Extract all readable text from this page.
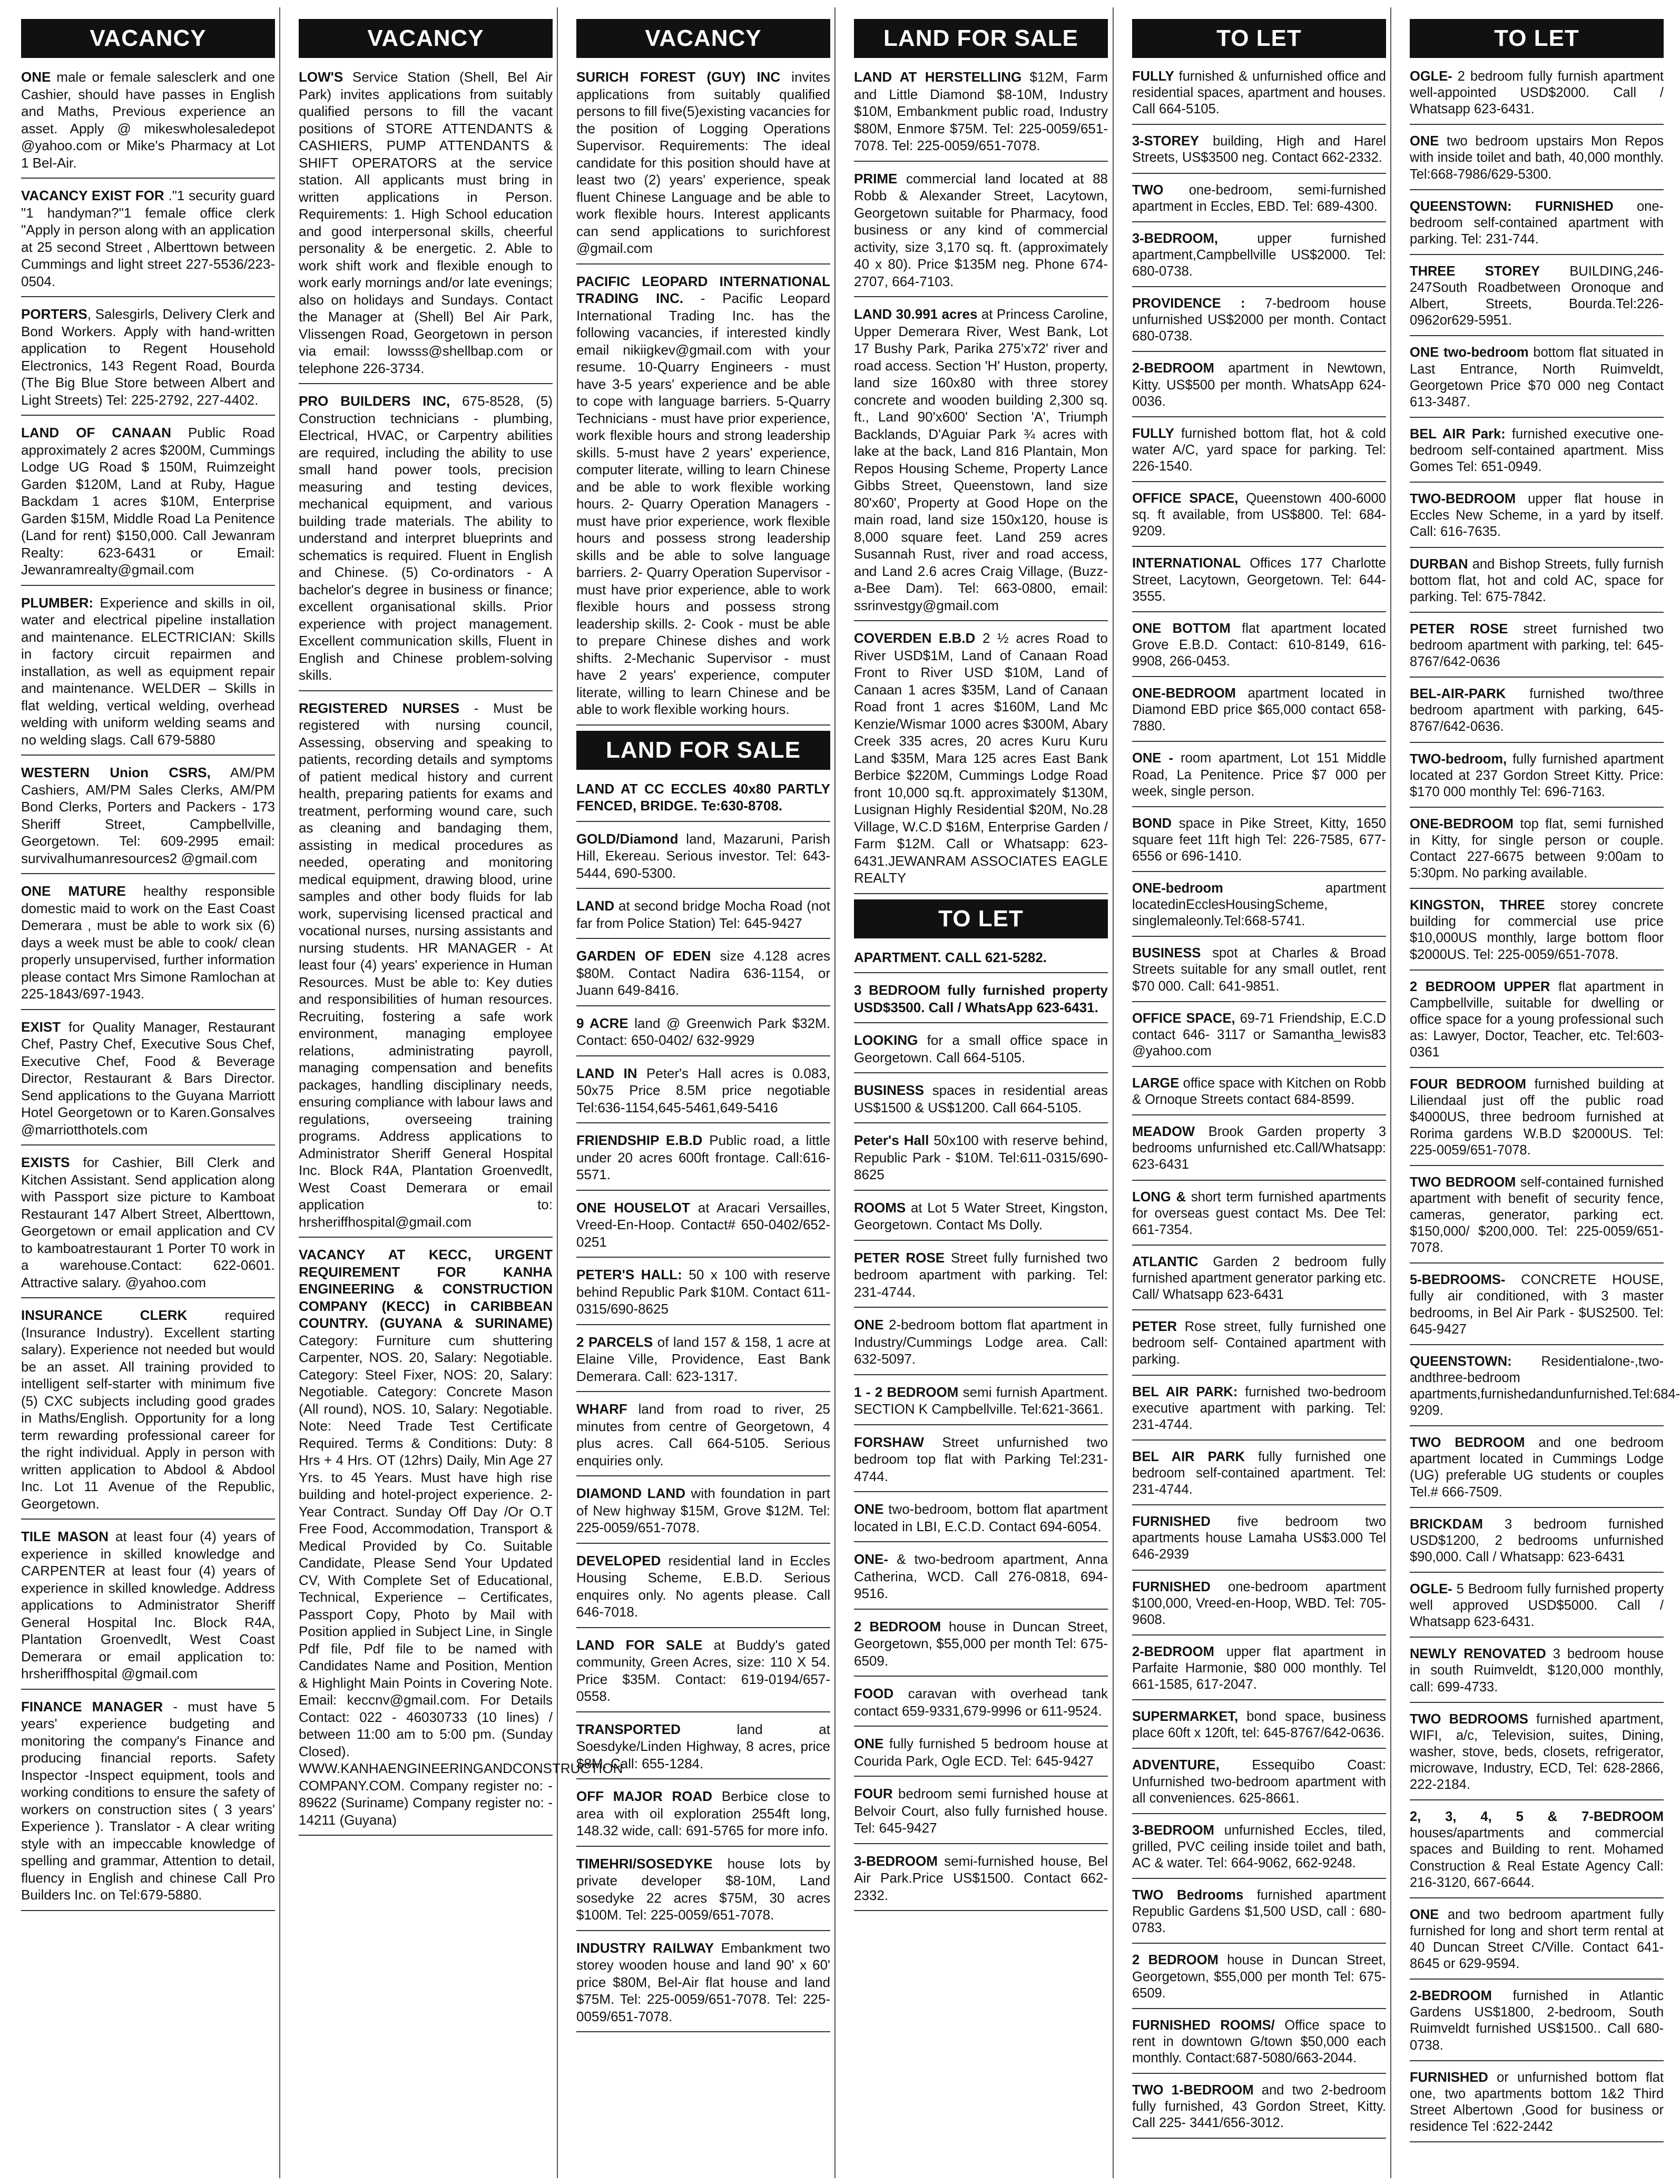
VACANCY

ONE male or female salesclerk and one Cashier, should have passes in English and Maths, Previous experience an asset. Apply @ mikeswholesaledepot @yahoo.com or Mike's Pharmacy at Lot 1 Bel-Air.

VACANCY EXIST FOR ."1 security guard "1 handyman?"1 female office clerk "Apply in person along with an application at 25 second Street , Alberttown between Cummings and light street 227-5536/223-0504.

PORTERS, Salesgirls, Delivery Clerk and Bond Workers. Apply with hand-written application to Regent Household Electronics, 143 Regent Road, Bourda (The Big Blue Store between Albert and Light Streets) Tel: 225-2792, 227-4402.

LAND OF CANAAN Public Road approximately 2 acres $200M, Cummings Lodge UG Road $ 150M, Ruimzeight Garden $120M, Land at Ruby, Hague Backdam 1 acres $10M, Enterprise Garden $15M, Middle Road La Penitence (Land for rent) $150,000. Call Jewanram Realty: 623-6431 or Email: Jewanramrealty@gmail.com

PLUMBER: Experience and skills in oil, water and electrical pipeline installation and maintenance. ELECTRICIAN: Skills in factory circuit repairmen and installation, as well as equipment repair and maintenance. WELDER – Skills in flat welding, vertical welding, overhead welding with uniform welding seams and no welding slags. Call 679-5880

WESTERN Union CSRS, AM/PM Cashiers, AM/PM Sales Clerks, AM/PM Bond Clerks, Porters and Packers - 173 Sheriff Street, Campbellville, Georgetown. Tel: 609-2995 email: survivalhumanresources2 @gmail.com

ONE MATURE healthy responsible domestic maid to work on the East Coast Demerara , must be able to work six (6) days a week must be able to cook/ clean properly unsupervised, further information please contact Mrs Simone Ramlochan at 225-1843/697-1943.

EXIST for Quality Manager, Restaurant Chef, Pastry Chef, Executive Sous Chef, Executive Chef, Food & Beverage Director, Restaurant & Bars Director. Send applications to the Guyana Marriott Hotel Georgetown or to Karen.Gonsalves @marriotthotels.com

EXISTS for Cashier, Bill Clerk and Kitchen Assistant. Send application along with Passport size picture to Kamboat Restaurant 147 Albert Street, Alberttown, Georgetown or email application and CV to kamboatrestaurant 1 Porter T0 work in a warehouse.Contact: 622-0601. Attractive salary. @yahoo.com

INSURANCE CLERK required (Insurance Industry). Excellent starting salary). Experience not needed but would be an asset. All training provided to intelligent self-starter with minimum five (5) CXC subjects including good grades in Maths/English. Opportunity for a long term rewarding professional career for the right individual. Apply in person with written application to Abdool & Abdool Inc. Lot 11 Avenue of the Republic, Georgetown.

TILE MASON at least four (4) years of experience in skilled knowledge and CARPENTER at least four (4) years of experience in skilled knowledge. Address applications to Administrator Sheriff General Hospital Inc. Block R4A, Plantation Groenvedlt, West Coast Demerara or email application to: hrsheriffhospital @gmail.com

FINANCE MANAGER - must have 5 years' experience budgeting and monitoring the company's Finance and producing financial reports. Safety Inspector -Inspect equipment, tools and working conditions to ensure the safety of workers on construction sites ( 3 years' Experience ). Translator - A clear writing style with an impeccable knowledge of spelling and grammar, Attention to detail, fluency in English and chinese Call Pro Builders Inc. on Tel:679-5880.

VACANCY

LOW'S Service Station (Shell, Bel Air Park) invites applications from suitably qualified persons to fill the vacant positions of STORE ATTENDANTS & CASHIERS, PUMP ATTENDANTS & SHIFT OPERATORS at the service station. All applicants must bring in written applications in Person. Requirements: 1. High School education and good interpersonal skills, cheerful personality & be energetic. 2. Able to work shift work and flexible enough to work early mornings and/or late evenings; also on holidays and Sundays. Contact the Manager at (Shell) Bel Air Park, Vlissengen Road, Georgetown in person via email: lowsss@shellbap.com or telephone 226-3734.

PRO BUILDERS INC, 675-8528, (5) Construction technicians - plumbing, Electrical, HVAC, or Carpentry abilities are required, including the ability to use small hand power tools, precision measuring and testing devices, mechanical equipment, and various building trade materials. The ability to understand and interpret blueprints and schematics is required. Fluent in English and Chinese. (5) Co-ordinators - A bachelor's degree in business or finance; excellent organisational skills. Prior experience with project management. Excellent communication skills, Fluent in English and Chinese problem-solving skills.

REGISTERED NURSES - Must be registered with nursing council, Assessing, observing and speaking to patients, recording details and symptoms of patient medical history and current health, preparing patients for exams and treatment, performing wound care, such as cleaning and bandaging them, assisting in medical procedures as needed, operating and monitoring medical equipment, drawing blood, urine samples and other body fluids for lab work, supervising licensed practical and vocational nurses, nursing assistants and nursing students. HR MANAGER - At least four (4) years' experience in Human Resources. Must be able to: Key duties and responsibilities of human resources. Recruiting, fostering a safe work environment, managing employee relations, administrating payroll, managing compensation and benefits packages, handling disciplinary needs, ensuring compliance with labour laws and regulations, overseeing training programs. Address applications to Administrator Sheriff General Hospital Inc. Block R4A, Plantation Groenvedlt, West Coast Demerara or email application to: hrsheriffhospital@gmail.com

VACANCY AT KECC, URGENT REQUIREMENT FOR KANHA ENGINEERING & CONSTRUCTION COMPANY (KECC) in CARIBBEAN COUNTRY. (GUYANA & SURINAME) Category: Furniture cum shuttering Carpenter, NOS. 20, Salary: Negotiable. Category: Steel Fixer, NOS: 20, Salary: Negotiable. Category: Concrete Mason (All round), NOS. 10, Salary: Negotiable. Note: Need Trade Test Certificate Required. Terms & Conditions: Duty: 8 Hrs + 4 Hrs. OT (12hrs) Daily, Min Age 27 Yrs. to 45 Years. Must have high rise building and hotel-project experience. 2-Year Contract. Sunday Off Day /Or O.T Free Food, Accommodation, Transport & Medical Provided by Co. Suitable Candidate, Please Send Your Updated CV, With Complete Set of Educational, Technical, Experience – Certificates, Passport Copy, Photo by Mail with Position applied in Subject Line, in Single Pdf file, Pdf file to be named with Candidates Name and Position, Mention & Highlight Main Points in Covering Note. Email: keccnv@gmail.com. For Details Contact: 022 - 46030733 (10 lines) / between 11:00 am to 5:00 pm. (Sunday Closed). WWW.KANHAENGINEERINGANDCONSTRUCTION COMPANY.COM. Company register no: - 89622 (Suriname) Company register no: - 14211 (Guyana)

VACANCY

SURICH FOREST (GUY) INC invites applications from suitably qualified persons to fill five(5)existing vacancies for the position of Logging Operations Supervisor. Requirements: The ideal candidate for this position should have at least two (2) years' experience, speak fluent Chinese Language and be able to work flexible hours. Interest applicants can send applications to surichforest @gmail.com

PACIFIC LEOPARD INTERNATIONAL TRADING INC. - Pacific Leopard International Trading Inc. has the following vacancies, if interested kindly email nikiigkev@gmail.com with your resume. 10-Quarry Engineers - must have 3-5 years' experience and be able to cope with language barriers. 5-Quarry Technicians - must have prior experience, work flexible hours and strong leadership skills. 5-must have 2 years' experience, computer literate, willing to learn Chinese and be able to work flexible working hours. 2- Quarry Operation Managers - must have prior experience, work flexible hours and possess strong leadership skills and be able to solve language barriers. 2- Quarry Operation Supervisor - must have prior experience, able to work flexible hours and possess strong leadership skills. 2- Cook - must be able to prepare Chinese dishes and work shifts. 2-Mechanic Supervisor - must have 2 years' experience, computer literate, willing to learn Chinese and be able to work flexible working hours.

LAND FOR SALE

LAND AT CC ECCLES 40x80 PARTLY FENCED, BRIDGE. Te:630-8708.

GOLD/Diamond land, Mazaruni, Parish Hill, Ekereau. Serious investor. Tel: 643-5444, 690-5300.

LAND at second bridge Mocha Road (not far from Police Station) Tel: 645-9427

GARDEN OF EDEN size 4.128 acres $80M. Contact Nadira 636-1154, or Juann 649-8416.

9 ACRE land @ Greenwich Park $32M. Contact: 650-0402/ 632-9929

LAND IN Peter's Hall acres is 0.083, 50x75 Price 8.5M price negotiable Tel:636-1154,645-5461,649-5416

FRIENDSHIP E.B.D Public road, a little under 20 acres 600ft frontage. Call:616-5571.

ONE HOUSELOT at Aracari Versailles, Vreed-En-Hoop. Contact# 650-0402/652-0251

PETER'S HALL: 50 x 100 with reserve behind Republic Park $10M. Contact 611-0315/690-8625

2 PARCELS of land 157 & 158, 1 acre at Elaine Ville, Providence, East Bank Demerara. Call: 623-1317.

WHARF land from road to river, 25 minutes from centre of Georgetown, 4 plus acres. Call 664-5105. Serious enquiries only.

DIAMOND LAND with foundation in part of New highway $15M, Grove $12M. Tel: 225-0059/651-7078.

DEVELOPED residential land in Eccles Housing Scheme, E.B.D. Serious enquires only. No agents please. Call 646-7018.

LAND FOR SALE at Buddy's gated community, Green Acres, size: 110 X 54. Price $35M. Contact: 619-0194/657-0558.

TRANSPORTED land at Soesdyke/Linden Highway, 8 acres, price $8M. Call: 655-1284.

OFF MAJOR ROAD Berbice close to area with oil exploration 2554ft long, 148.32 wide, call: 691-5765 for more info.

TIMEHRI/SOSEDYKE house lots by private developer $8-10M, Land sosedyke 22 acres $75M, 30 acres $100M. Tel: 225-0059/651-7078.

INDUSTRY RAILWAY Embankment two storey wooden house and land 90' x 60' price $80M, Bel-Air flat house and land $75M. Tel: 225-0059/651-7078. Tel: 225-0059/651-7078.

LAND FOR SALE

LAND AT HERSTELLING $12M, Farm and Little Diamond $8-10M, Industry $10M, Embankment public road, Industry $80M, Enmore $75M. Tel: 225-0059/651-7078. Tel: 225-0059/651-7078.

PRIME commercial land located at 88 Robb & Alexander Street, Lacytown, Georgetown suitable for Pharmacy, food business or any kind of commercial activity, size 3,170 sq. ft. (approximately 40 x 80). Price $135M neg. Phone 674-2707, 664-7103.

LAND 30.991 acres at Princess Caroline, Upper Demerara River, West Bank, Lot 17 Bushy Park, Parika 275'x72' river and road access. Section 'H' Huston, property, land size 160x80 with three storey concrete and wooden building 2,300 sq. ft., Land 90'x600' Section 'A', Triumph Backlands, D'Aguiar Park ¾ acres with lake at the back, Land 816 Plantain, Mon Repos Housing Scheme, Property Lance Gibbs Street, Queenstown, land size 80'x60', Property at Good Hope on the main road, land size 150x120, house is 8,000 square feet. Land 259 acres Susannah Rust, river and road access, and Land 2.6 acres Craig Village, (Buzz-a-Bee Dam). Tel: 663-0800, email: ssrinvestgy@gmail.com

COVERDEN E.B.D 2 ½ acres Road to River USD$1M, Land of Canaan Road Front to River USD $10M, Land of Canaan 1 acres $35M, Land of Canaan Road front 1 acres $160M, Land Mc Kenzie/Wismar 1000 acres $300M, Abary Creek 335 acres, 20 acres Kuru Kuru Land $35M, Mara 125 acres East Bank Berbice $220M, Cummings Lodge Road front 10,000 sq.ft. approximately $130M, Lusignan Highly Residential $20M, No.28 Village, W.C.D $16M, Enterprise Garden / Farm $12M. Call or Whatsapp: 623-6431.JEWANRAM ASSOCIATES EAGLE REALTY

TO LET

APARTMENT. CALL 621-5282.

3 BEDROOM fully furnished property USD$3500. Call / WhatsApp 623-6431.

LOOKING for a small office space in Georgetown. Call 664-5105.

BUSINESS spaces in residential areas US$1500 & US$1200. Call 664-5105.

Peter's Hall 50x100 with reserve behind, Republic Park - $10M. Tel:611-0315/690-8625

ROOMS at Lot 5 Water Street, Kingston, Georgetown. Contact Ms Dolly.

PETER ROSE Street fully furnished two bedroom apartment with parking. Tel: 231-4744.

ONE 2-bedroom bottom flat apartment in Industry/Cummings Lodge area. Call: 632-5097.

1 - 2 BEDROOM semi furnish Apartment. SECTION K Campbellville. Tel:621-3661.

FORSHAW Street unfurnished two bedroom top flat with Parking Tel:231-4744.

ONE two-bedroom, bottom flat apartment located in LBI, E.C.D. Contact 694-6054.

ONE- & two-bedroom apartment, Anna Catherina, WCD. Call 276-0818, 694-9516.

2 BEDROOM house in Duncan Street, Georgetown, $55,000 per month Tel: 675-6509.

FOOD caravan with overhead tank contact 659-9331,679-9996 or 611-9524.

ONE fully furnished 5 bedroom house at Courida Park, Ogle ECD. Tel: 645-9427

FOUR bedroom semi furnished house at Belvoir Court, also fully furnished house. Tel: 645-9427

3-BEDROOM semi-furnished house, Bel Air Park.Price US$1500. Contact 662-2332.

TO LET

FULLY furnished & unfurnished office and residential spaces, apartment and houses. Call 664-5105.

3-STOREY building, High and Harel Streets, US$3500 neg. Contact 662-2332.

TWO one-bedroom, semi-furnished apartment in Eccles, EBD. Tel: 689-4300.

3-BEDROOM, upper furnished apartment,Campbellville US$2000. Tel: 680-0738.

PROVIDENCE : 7-bedroom house unfurnished US$2000 per month. Contact 680-0738.

2-BEDROOM apartment in Newtown, Kitty. US$500 per month. WhatsApp 624-0036.

FULLY furnished bottom flat, hot & cold water A/C, yard space for parking. Tel: 226-1540.

OFFICE SPACE, Queenstown 400-6000 sq. ft available, from US$800. Tel: 684-9209.

INTERNATIONAL Offices 177 Charlotte Street, Lacytown, Georgetown. Tel: 644-3555.

ONE BOTTOM flat apartment located Grove E.B.D. Contact: 610-8149, 616-9908, 266-0453.

ONE-BEDROOM apartment located in Diamond EBD price $65,000 contact 658-7880.

ONE - room apartment, Lot 151 Middle Road, La Penitence. Price $7 000 per week, single person.

BOND space in Pike Street, Kitty, 1650 square feet 11ft high Tel: 226-7585, 677-6556 or 696-1410.

ONE-bedroom apartment locatedinEcclesHousingScheme, singlemaleonly.Tel:668-5741.

BUSINESS spot at Charles & Broad Streets suitable for any small outlet, rent $70 000. Call: 641-9851.

OFFICE SPACE, 69-71 Friendship, E.C.D contact 646- 3117 or Samantha_lewis83 @yahoo.com

LARGE office space with Kitchen on Robb & Ornoque Streets contact 684-8599.

MEADOW Brook Garden property 3 bedrooms unfurnished etc.Call/Whatsapp: 623-6431

LONG & short term furnished apartments for overseas guest contact Ms. Dee Tel: 661-7354.

ATLANTIC Garden 2 bedroom fully furnished apartment generator parking etc. Call/ Whatsapp 623-6431

PETER Rose street, fully furnished one bedroom self- Contained apartment with parking.

BEL AIR PARK: furnished two-bedroom executive apartment with parking. Tel: 231-4744.

BEL AIR PARK fully furnished one bedroom self-contained apartment. Tel: 231-4744.

FURNISHED five bedroom two apartments house Lamaha US$3.000 Tel 646-2939

FURNISHED one-bedroom apartment $100,000, Vreed-en-Hoop, WBD. Tel: 705-9608.

2-BEDROOM upper flat apartment in Parfaite Harmonie, $80 000 monthly. Tel 661-1585, 617-2047.

SUPERMARKET, bond space, business place 60ft x 120ft, tel: 645-8767/642-0636.

ADVENTURE, Essequibo Coast: Unfurnished two-bedroom apartment with all conveniences. 625-8661.

3-BEDROOM unfurnished Eccles, tiled, grilled, PVC ceiling inside toilet and bath, AC & water. Tel: 664-9062, 662-9248.

TWO Bedrooms furnished apartment Republic Gardens $1,500 USD, call : 680-0783.

2 BEDROOM house in Duncan Street, Georgetown, $55,000 per month Tel: 675-6509.

FURNISHED ROOMS/ Office space to rent in downtown G/town $50,000 each monthly. Contact:687-5080/663-2044.

TWO 1-BEDROOM and two 2-bedroom fully furnished, 43 Gordon Street, Kitty. Call 225- 3441/656-3012.

TO LET

OGLE- 2 bedroom fully furnish apartment well-appointed USD$2000. Call / Whatsapp 623-6431.

ONE two bedroom upstairs Mon Repos with inside toilet and bath, 40,000 monthly. Tel:668-7986/629-5300.

QUEENSTOWN: FURNISHED one-bedroom self-contained apartment with parking. Tel: 231-744.

THREE STOREY BUILDING,246-247South Roadbetween Oronoque and Albert, Streets, Bourda.Tel:226-0962or629-5951.

ONE two-bedroom bottom flat situated in Last Entrance, North Ruimveldt, Georgetown Price $70 000 neg Contact 613-3487.

BEL AIR Park: furnished executive one-bedroom self-contained apartment. Miss Gomes Tel: 651-0949.

TWO-BEDROOM upper flat house in Eccles New Scheme, in a yard by itself. Call: 616-7635.

DURBAN and Bishop Streets, fully furnish bottom flat, hot and cold AC, space for parking. Tel: 675-7842.

PETER ROSE street furnished two bedroom apartment with parking, tel: 645-8767/642-0636

BEL-AIR-PARK furnished two/three bedroom apartment with parking, 645-8767/642-0636.

TWO-bedroom, fully furnished apartment located at 237 Gordon Street Kitty. Price: $170 000 monthly Tel: 696-7163.

ONE-BEDROOM top flat, semi furnished in Kitty, for single person or couple. Contact 227-6675 between 9:00am to 5:30pm. No parking available.

KINGSTON, THREE storey concrete building for commercial use price $10,000US monthly, large bottom floor $2000US. Tel: 225-0059/651-7078.

2 BEDROOM UPPER flat apartment in Campbellville, suitable for dwelling or office space for a young professional such as: Lawyer, Doctor, Teacher, etc. Tel:603-0361

FOUR BEDROOM furnished building at Liliendaal just off the public road $4000US, three bedroom furnished at Rorima gardens W.B.D $2000US. Tel: 225-0059/651-7078.

TWO BEDROOM self-contained furnished apartment with benefit of security fence, cameras, generator, parking ect. $150,000/ $200,000. Tel: 225-0059/651-7078.

5-BEDROOMS- CONCRETE HOUSE, fully air conditioned, with 3 master bedrooms, in Bel Air Park - $US2500. Tel: 645-9427

QUEENSTOWN: Residentialone-,two-andthree-bedroom apartments,furnishedandunfurnished.Tel:684-9209.

TWO BEDROOM and one bedroom apartment located in Cummings Lodge (UG) preferable UG students or couples Tel.# 666-7509.

BRICKDAM 3 bedroom furnished USD$1200, 2 bedrooms unfurnished $90,000. Call / Whatsapp: 623-6431

OGLE- 5 Bedroom fully furnished property well approved USD$5000. Call / Whatsapp 623-6431.

NEWLY RENOVATED 3 bedroom house in south Ruimveldt, $120,000 monthly, call: 699-4733.

TWO BEDROOMS furnished apartment, WIFI, a/c, Television, suites, Dining, washer, stove, beds, closets, refrigerator, microwave, Industry, ECD, Tel: 628-2866, 222-2184.

2, 3, 4, 5 & 7-BEDROOM houses/apartments and commercial spaces and Building to rent. Mohamed Construction & Real Estate Agency Call: 216-3120, 667-6644.

ONE and two bedroom apartment fully furnished for long and short term rental at 40 Duncan Street C/Ville. Contact 641-8645 or 629-9594.

2-BEDROOM furnished in Atlantic Gardens US$1800, 2-bedroom, South Ruimveldt furnished US$1500.. Call 680-0738.

FURNISHED or unfurnished bottom flat one, two apartments bottom 1&2 Third Street Albertown ,Good for business or residence Tel :622-2442
